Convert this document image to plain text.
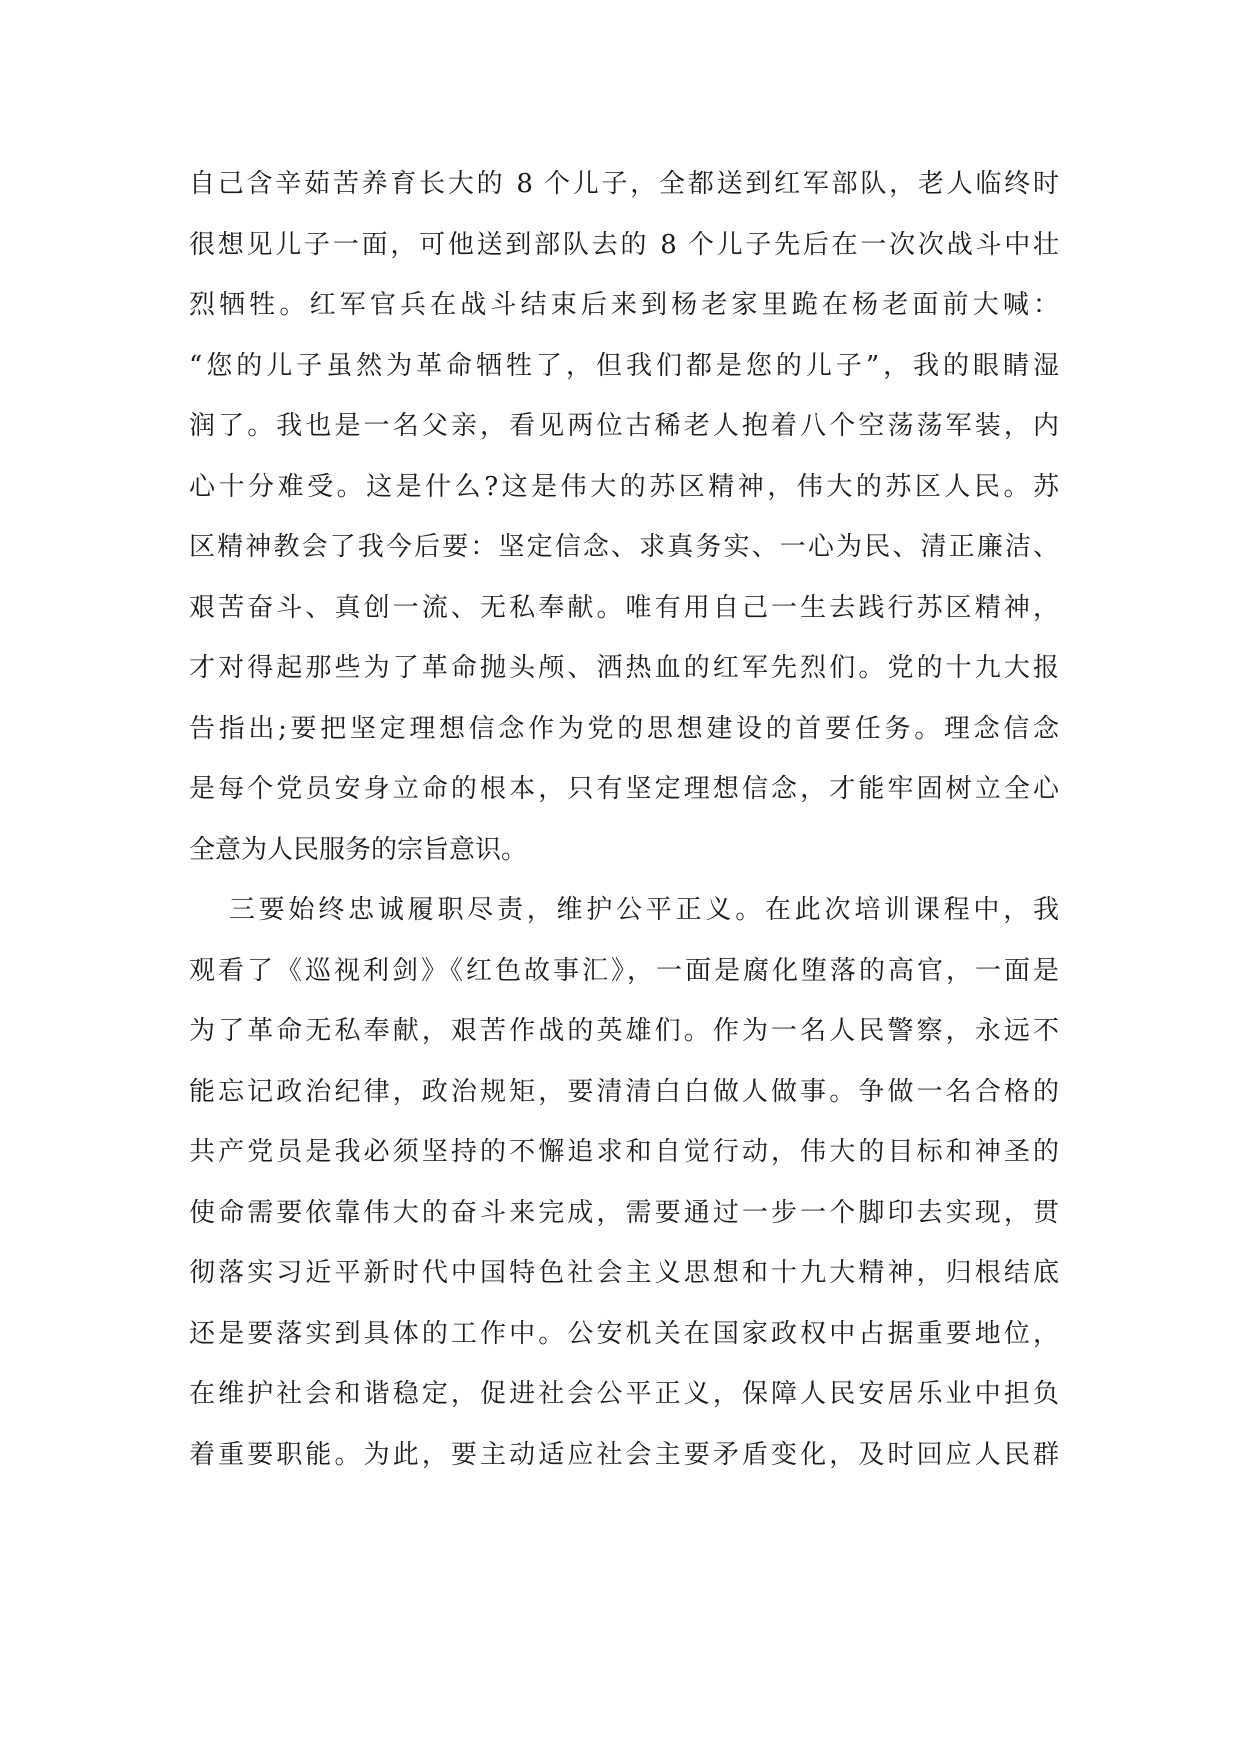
自己含辛茹苦养育长大的 8 个儿子，全都送到红军部队，老人临终时
很想见儿子一面，可他送到部队去的 8 个儿子先后在一次次战斗中壮
烈牺牲。红军官兵在战斗结束后来到杨老家里跪在杨老面前大喊：
“您的儿子虽然为革命牺牲了，但我们都是您的儿子”，我的眼睛湿
润了。我也是一名父亲，看见两位古稀老人抱着八个空荡荡军装，内
心十分难受。这是什么?这是伟大的苏区精神，伟大的苏区人民。苏
区精神教会了我今后要：坚定信念、求真务实、一心为民、清正廉洁、
艰苦奋斗、真创一流、无私奉献。唯有用自己一生去践行苏区精神，
才对得起那些为了革命抛头颅、洒热血的红军先烈们。党的十九大报
告指出;要把坚定理想信念作为党的思想建设的首要任务。理念信念
是每个党员安身立命的根本，只有坚定理想信念，才能牢固树立全心
全意为人民服务的宗旨意识。
三要始终忠诚履职尽责，维护公平正义。在此次培训课程中，我
观看了《巡视利剑》《红色故事汇》，一面是腐化堕落的高官，一面是
为了革命无私奉献，艰苦作战的英雄们。作为一名人民警察，永远不
能忘记政治纪律，政治规矩，要清清白白做人做事。争做一名合格的
共产党员是我必须坚持的不懈追求和自觉行动，伟大的目标和神圣的
使命需要依靠伟大的奋斗来完成，需要通过一步一个脚印去实现，贯
彻落实习近平新时代中国特色社会主义思想和十九大精神，归根结底
还是要落实到具体的工作中。公安机关在国家政权中占据重要地位，
在维护社会和谐稳定，促进社会公平正义，保障人民安居乐业中担负
着重要职能。为此，要主动适应社会主要矛盾变化，及时回应人民群
